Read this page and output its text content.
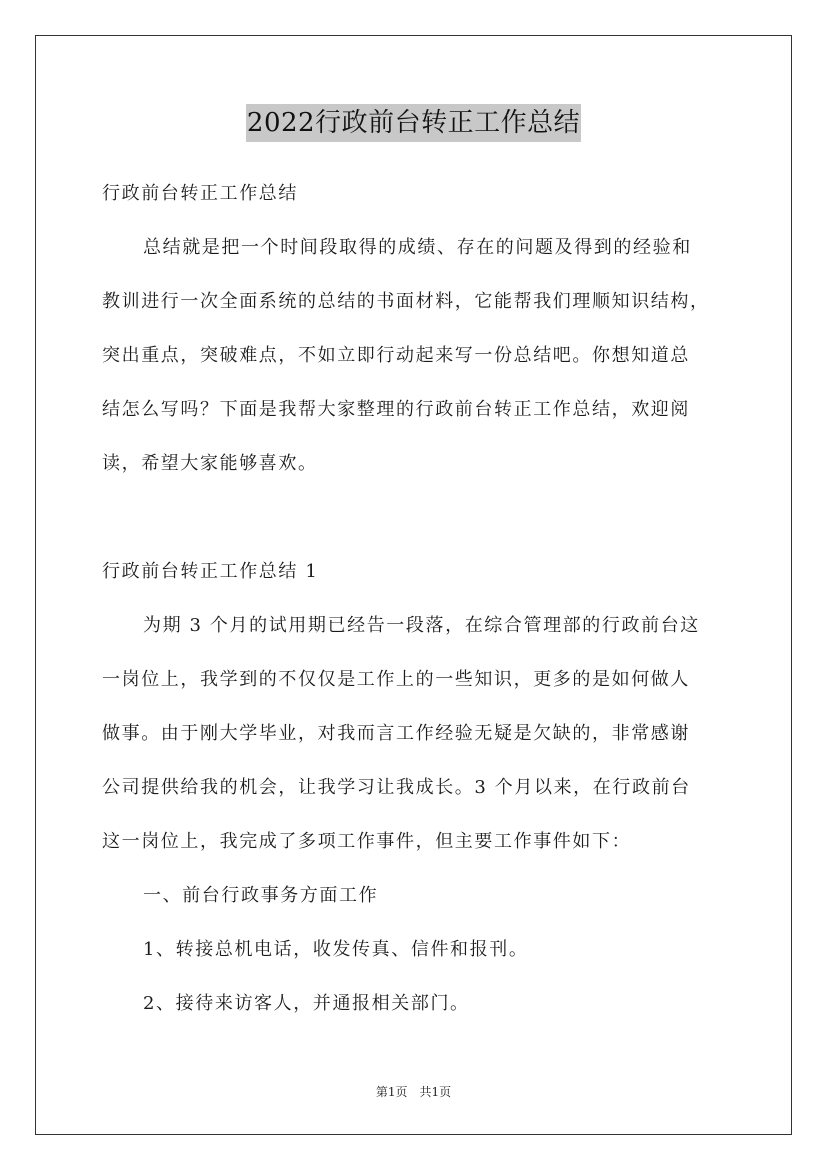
2022行政前台转正工作总结
行政前台转正工作总结
总结就是把一个时间段取得的成绩、存在的问题及得到的经验和
教训进行一次全面系统的总结的书面材料，它能帮我们理顺知识结构，
突出重点，突破难点，不如立即行动起来写一份总结吧。你想知道总
结怎么写吗？下面是我帮大家整理的行政前台转正工作总结，欢迎阅
读，希望大家能够喜欢。
行政前台转正工作总结 1
为期 3 个月的试用期已经告一段落，在综合管理部的行政前台这
一岗位上，我学到的不仅仅是工作上的一些知识，更多的是如何做人
做事。由于刚大学毕业，对我而言工作经验无疑是欠缺的，非常感谢
公司提供给我的机会，让我学习让我成长。3 个月以来，在行政前台
这一岗位上，我完成了多项工作事件，但主要工作事件如下：
一、前台行政事务方面工作
1、转接总机电话，收发传真、信件和报刊。
2、接待来访客人，并通报相关部门。
第1页　共1页
